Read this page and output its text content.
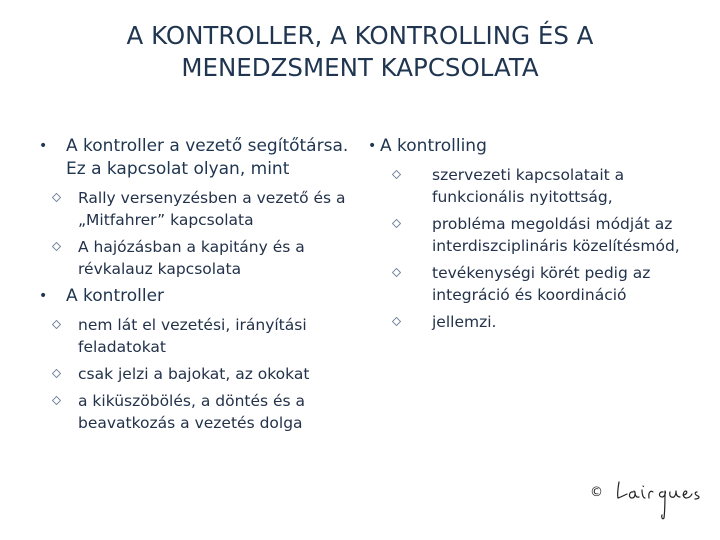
A KONTROLLER, A KONTROLLING ÉS A MENEDZSMENT KAPCSOLATA
• A kontroller a vezető segítőtársa. Ez a kapcsolat olyan, mint
Rally versenyzésben a vezető és a „Mitfahrer” kapcsolata
A hajózásban a kapitány és a révkalauz kapcsolata
• A kontroller
nem lát el vezetési, irányítási feladatokat
csak jelzi a bajokat, az okokat
a kiküszöbölés, a döntés és a beavatkozás a vezetés dolga
• A kontrolling
szervezeti kapcsolatait a funkcionális nyitottság,
probléma megoldási módját az interdiszciplináris közelítésmód,
tevékenységi körét pedig az integráció és koordináció
jellemzi.
©
